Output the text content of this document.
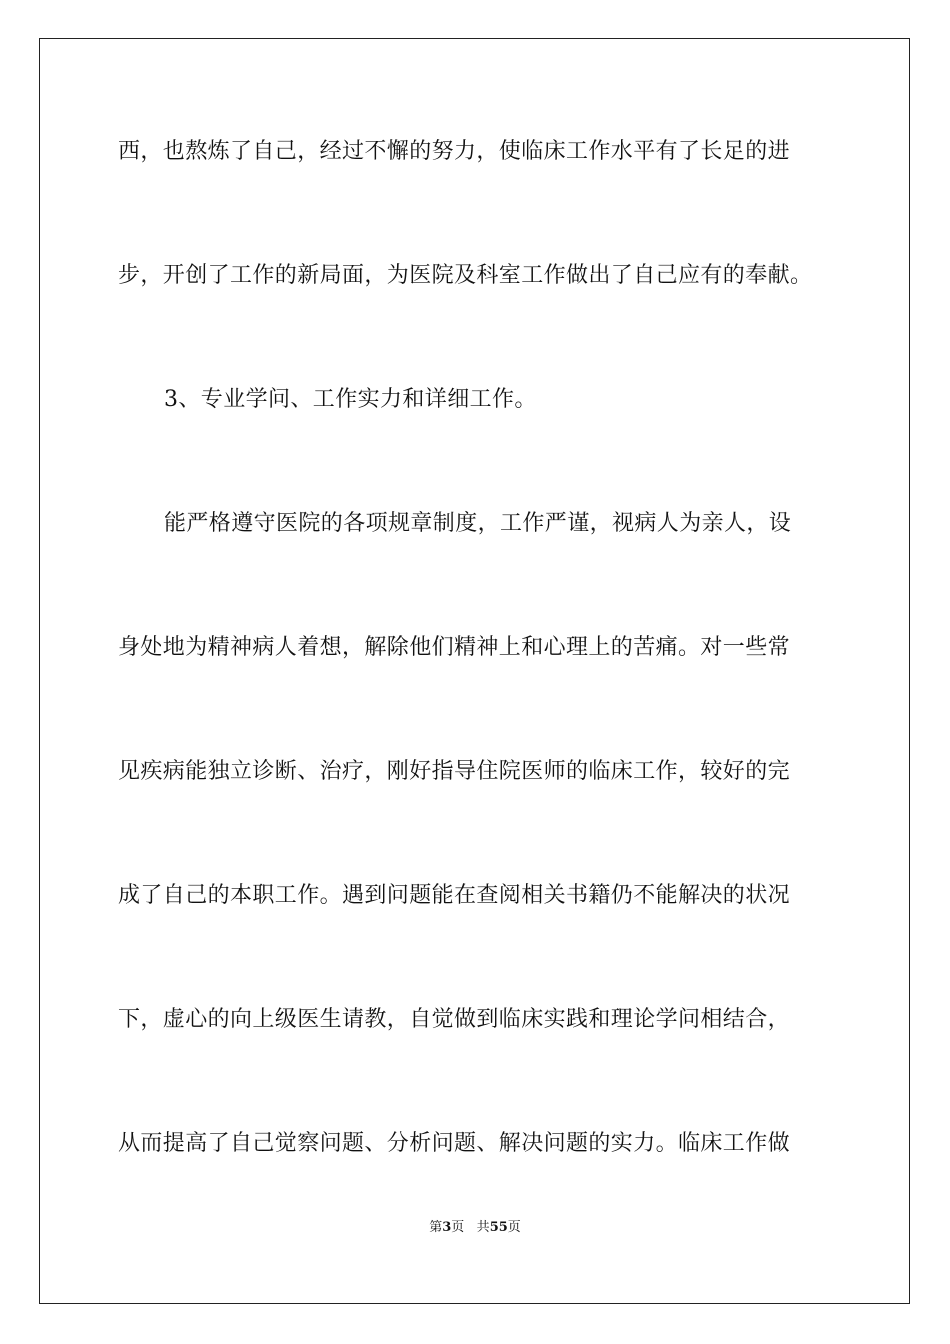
西，也熬炼了自己，经过不懈的努力，使临床工作水平有了长足的进
步，开创了工作的新局面，为医院及科室工作做出了自己应有的奉献。
3、专业学问、工作实力和详细工作。
能严格遵守医院的各项规章制度，工作严谨，视病人为亲人，设
身处地为精神病人着想，解除他们精神上和心理上的苦痛。对一些常
见疾病能独立诊断、治疗，刚好指导住院医师的临床工作，较好的完
成了自己的本职工作。遇到问题能在查阅相关书籍仍不能解决的状况
下，虚心的向上级医生请教，自觉做到临床实践和理论学问相结合，
从而提高了自己觉察问题、分析问题、解决问题的实力。临床工作做
第3页 共55页
